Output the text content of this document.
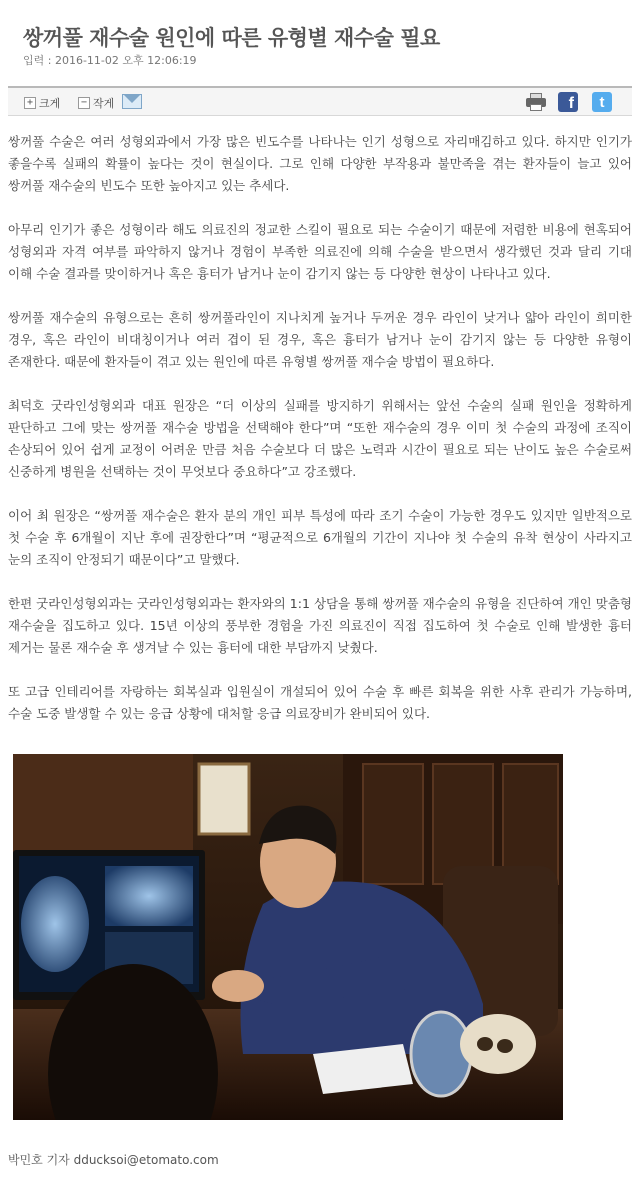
쌍꺼풀 재수술 원인에 따른 유형별 재수술 필요
입력 : 2016-11-02 오후 12:06:19
+ 크게 − 작게	f	t

쌍꺼풀 수술은 여러 성형외과에서 가장 많은 빈도수를 나타나는 인기 성형으로 자리매김하고 있다. 하지만 인기가 좋을수록 실패의 확률이 높다는 것이 현실이다. 그로 인해 다양한 부작용과 불만족을 겪는 환자들이 늘고 있어 쌍꺼풀 재수술의 빈도수 또한 높아지고 있는 추세다.

아무리 인기가 좋은 성형이라 해도 의료진의 정교한 스킬이 필요로 되는 수술이기 때문에 저렴한 비용에 현혹되어 성형외과 자격 여부를 파악하지 않거나 경험이 부족한 의료진에 의해 수술을 받으면서 생각했던 것과 달리 기대 이해 수술 결과를 맞이하거나 혹은 흉터가 남거나 눈이 감기지 않는 등 다양한 현상이 나타나고 있다.

쌍꺼풀 재수술의 유형으로는 흔히 쌍꺼풀라인이 지나치게 높거나 두꺼운 경우 라인이 낮거나 얇아 라인이 희미한 경우, 혹은 라인이 비대칭이거나 여러 겹이 된 경우, 혹은 흉터가 남거나 눈이 감기지 않는 등 다양한 유형이 존재한다. 때문에 환자들이 겪고 있는 원인에 따른 유형별 쌍꺼풀 재수술 방법이 필요하다.

최덕호 굿라인성형외과 대표 원장은 “더 이상의 실패를 방지하기 위해서는 앞선 수술의 실패 원인을 정확하게 판단하고 그에 맞는 쌍꺼풀 재수술 방법을 선택해야 한다”며 “또한 재수술의 경우 이미 첫 수술의 과정에 조직이 손상되어 있어 쉽게 교정이 어려운 만큼 처음 수술보다 더 많은 노력과 시간이 필요로 되는 난이도 높은 수술로써 신중하게 병원을 선택하는 것이 무엇보다 중요하다”고 강조했다.

이어 최 원장은 “쌍꺼풀 재수술은 환자 분의 개인 피부 특성에 따라 조기 수술이 가능한 경우도 있지만 일반적으로 첫 수술 후 6개월이 지난 후에 권장한다”며 “평균적으로 6개월의 기간이 지나야 첫 수술의 유착 현상이 사라지고 눈의 조직이 안정되기 때문이다”고 말했다.

한편 굿라인성형외과는 굿라인성형외과는 환자와의 1:1 상담을 통해 쌍꺼풀 재수술의 유형을 진단하여 개인 맞춤형 재수술을 집도하고 있다. 15년 이상의 풍부한 경험을 가진 의료진이 직접 집도하여 첫 수술로 인해 발생한 흉터 제거는 물론 재수술 후 생겨날 수 있는 흉터에 대한 부담까지 낮췄다.

또 고급 인테리어를 자랑하는 회복실과 입원실이 개설되어 있어 수술 후 빠른 회복을 위한 사후 관리가 가능하며, 수술 도중 발생할 수 있는 응급 상황에 대처할 응급 의료장비가 완비되어 있다.

박민호 기자 dducksoi@etomato.com
